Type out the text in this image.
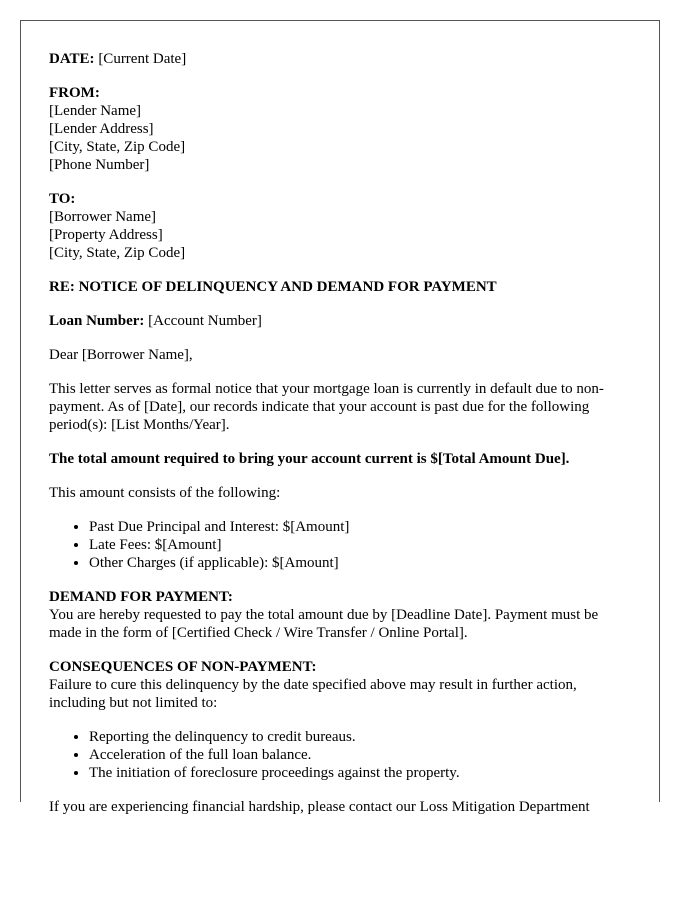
DATE: [Current Date]

FROM:
[Lender Name]
[Lender Address]
[City, State, Zip Code]
[Phone Number]

TO:
[Borrower Name]
[Property Address]
[City, State, Zip Code]

RE: NOTICE OF DELINQUENCY AND DEMAND FOR PAYMENT

Loan Number: [Account Number]

Dear [Borrower Name],

This letter serves as formal notice that your mortgage loan is currently in default due to non-payment. As of [Date], our records indicate that your account is past due for the following period(s): [List Months/Year].

The total amount required to bring your account current is $[Total Amount Due].

This amount consists of the following:

• Past Due Principal and Interest: $[Amount]
• Late Fees: $[Amount]
• Other Charges (if applicable): $[Amount]

DEMAND FOR PAYMENT:
You are hereby requested to pay the total amount due by [Deadline Date]. Payment must be made in the form of [Certified Check / Wire Transfer / Online Portal].

CONSEQUENCES OF NON-PAYMENT:
Failure to cure this delinquency by the date specified above may result in further action, including but not limited to:

• Reporting the delinquency to credit bureaus.
• Acceleration of the full loan balance.
• The initiation of foreclosure proceedings against the property.

If you are experiencing financial hardship, please contact our Loss Mitigation Department
